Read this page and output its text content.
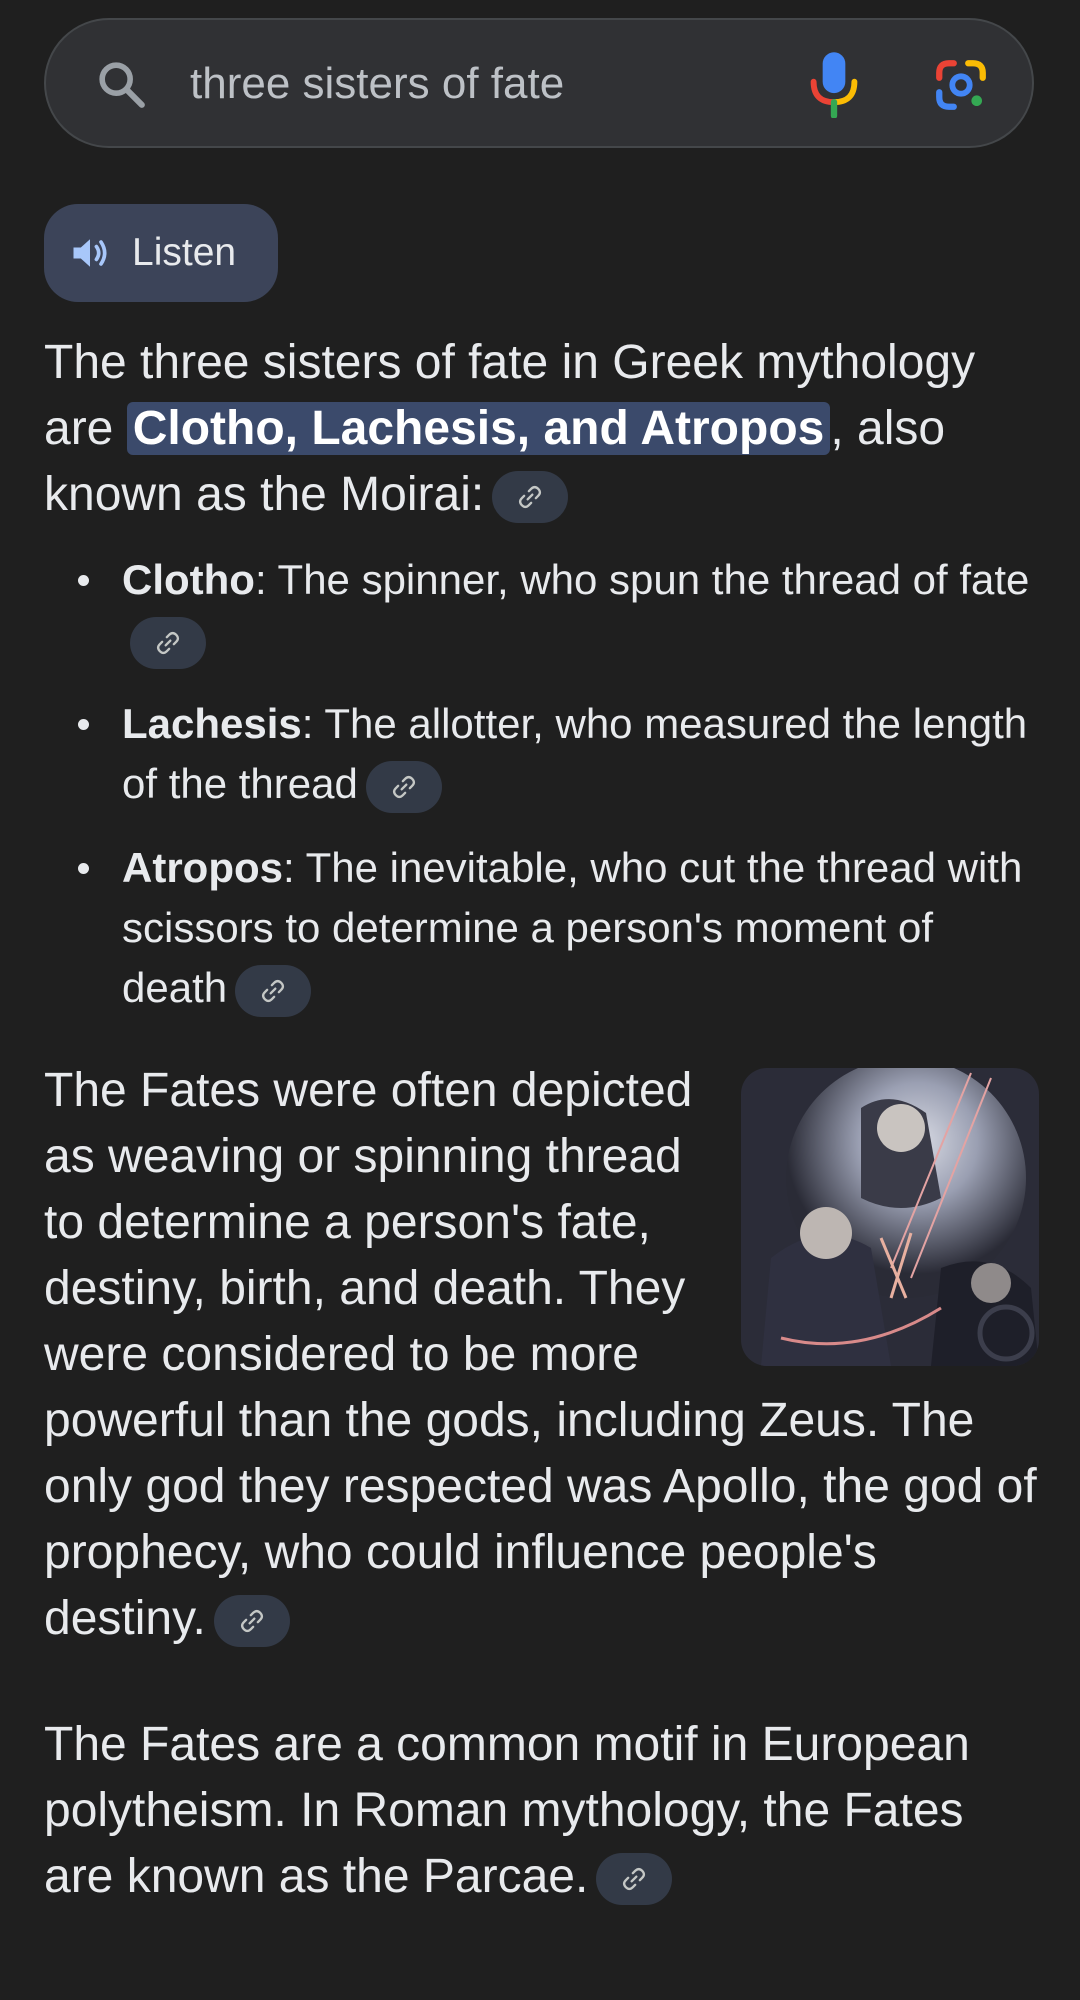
three sisters of fate
Listen

The three sisters of fate in Greek mythology are Clotho, Lachesis, and Atropos , also known as the Moirai:

Clotho: The spinner, who spun the thread of fate
Lachesis: The allotter, who measured the length of the thread
Atropos: The inevitable, who cut the thread with scissors to determine a person's moment of death

The Fates were often depicted as weaving or spinning thread to determine a person's fate, destiny, birth, and death. They were considered to be more powerful than the gods, including Zeus. The only god they respected was Apollo, the god of prophecy, who could influence people's destiny.

The Fates are a common motif in European polytheism. In Roman mythology, the Fates are known as the Parcae.
